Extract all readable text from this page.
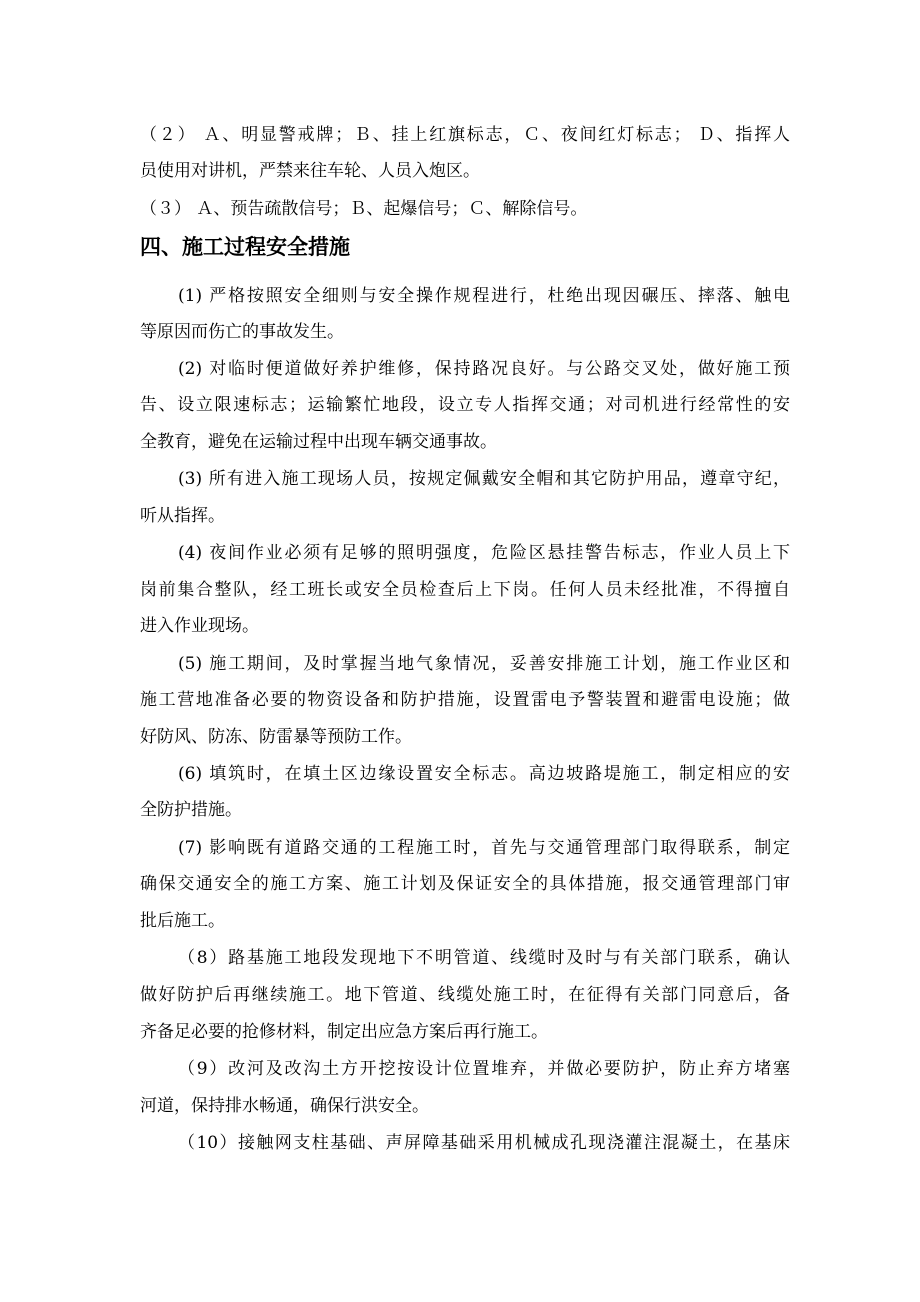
（２） Ａ、明显警戒牌；Ｂ、挂上红旗标志，Ｃ、夜间红灯标志； Ｄ、指挥人
员使用对讲机，严禁来往车轮、人员入炮区。
（３） Ａ、预告疏散信号；Ｂ、起爆信号；Ｃ、解除信号。
四、施工过程安全措施
(1) 严格按照安全细则与安全操作规程进行，杜绝出现因碾压、摔落、触电
等原因而伤亡的事故发生。
(2) 对临时便道做好养护维修，保持路况良好。与公路交叉处，做好施工预
告、设立限速标志；运输繁忙地段，设立专人指挥交通；对司机进行经常性的安
全教育，避免在运输过程中出现车辆交通事故。
(3) 所有进入施工现场人员，按规定佩戴安全帽和其它防护用品，遵章守纪，
听从指挥。
(4) 夜间作业必须有足够的照明强度，危险区悬挂警告标志，作业人员上下
岗前集合整队，经工班长或安全员检查后上下岗。任何人员未经批准，不得擅自
进入作业现场。
(5) 施工期间，及时掌握当地气象情况，妥善安排施工计划，施工作业区和
施工营地准备必要的物资设备和防护措施，设置雷电予警装置和避雷电设施；做
好防风、防冻、防雷暴等预防工作。
(6) 填筑时，在填土区边缘设置安全标志。高边坡路堤施工，制定相应的安
全防护措施。
(7) 影响既有道路交通的工程施工时，首先与交通管理部门取得联系，制定
确保交通安全的施工方案、施工计划及保证安全的具体措施，报交通管理部门审
批后施工。
（8）路基施工地段发现地下不明管道、线缆时及时与有关部门联系，确认
做好防护后再继续施工。地下管道、线缆处施工时，在征得有关部门同意后，备
齐备足必要的抢修材料，制定出应急方案后再行施工。
（9）改河及改沟土方开挖按设计位置堆弃，并做必要防护，防止弃方堵塞
河道，保持排水畅通，确保行洪安全。
（10）接触网支柱基础、声屏障基础采用机械成孔现浇灌注混凝土，在基床
